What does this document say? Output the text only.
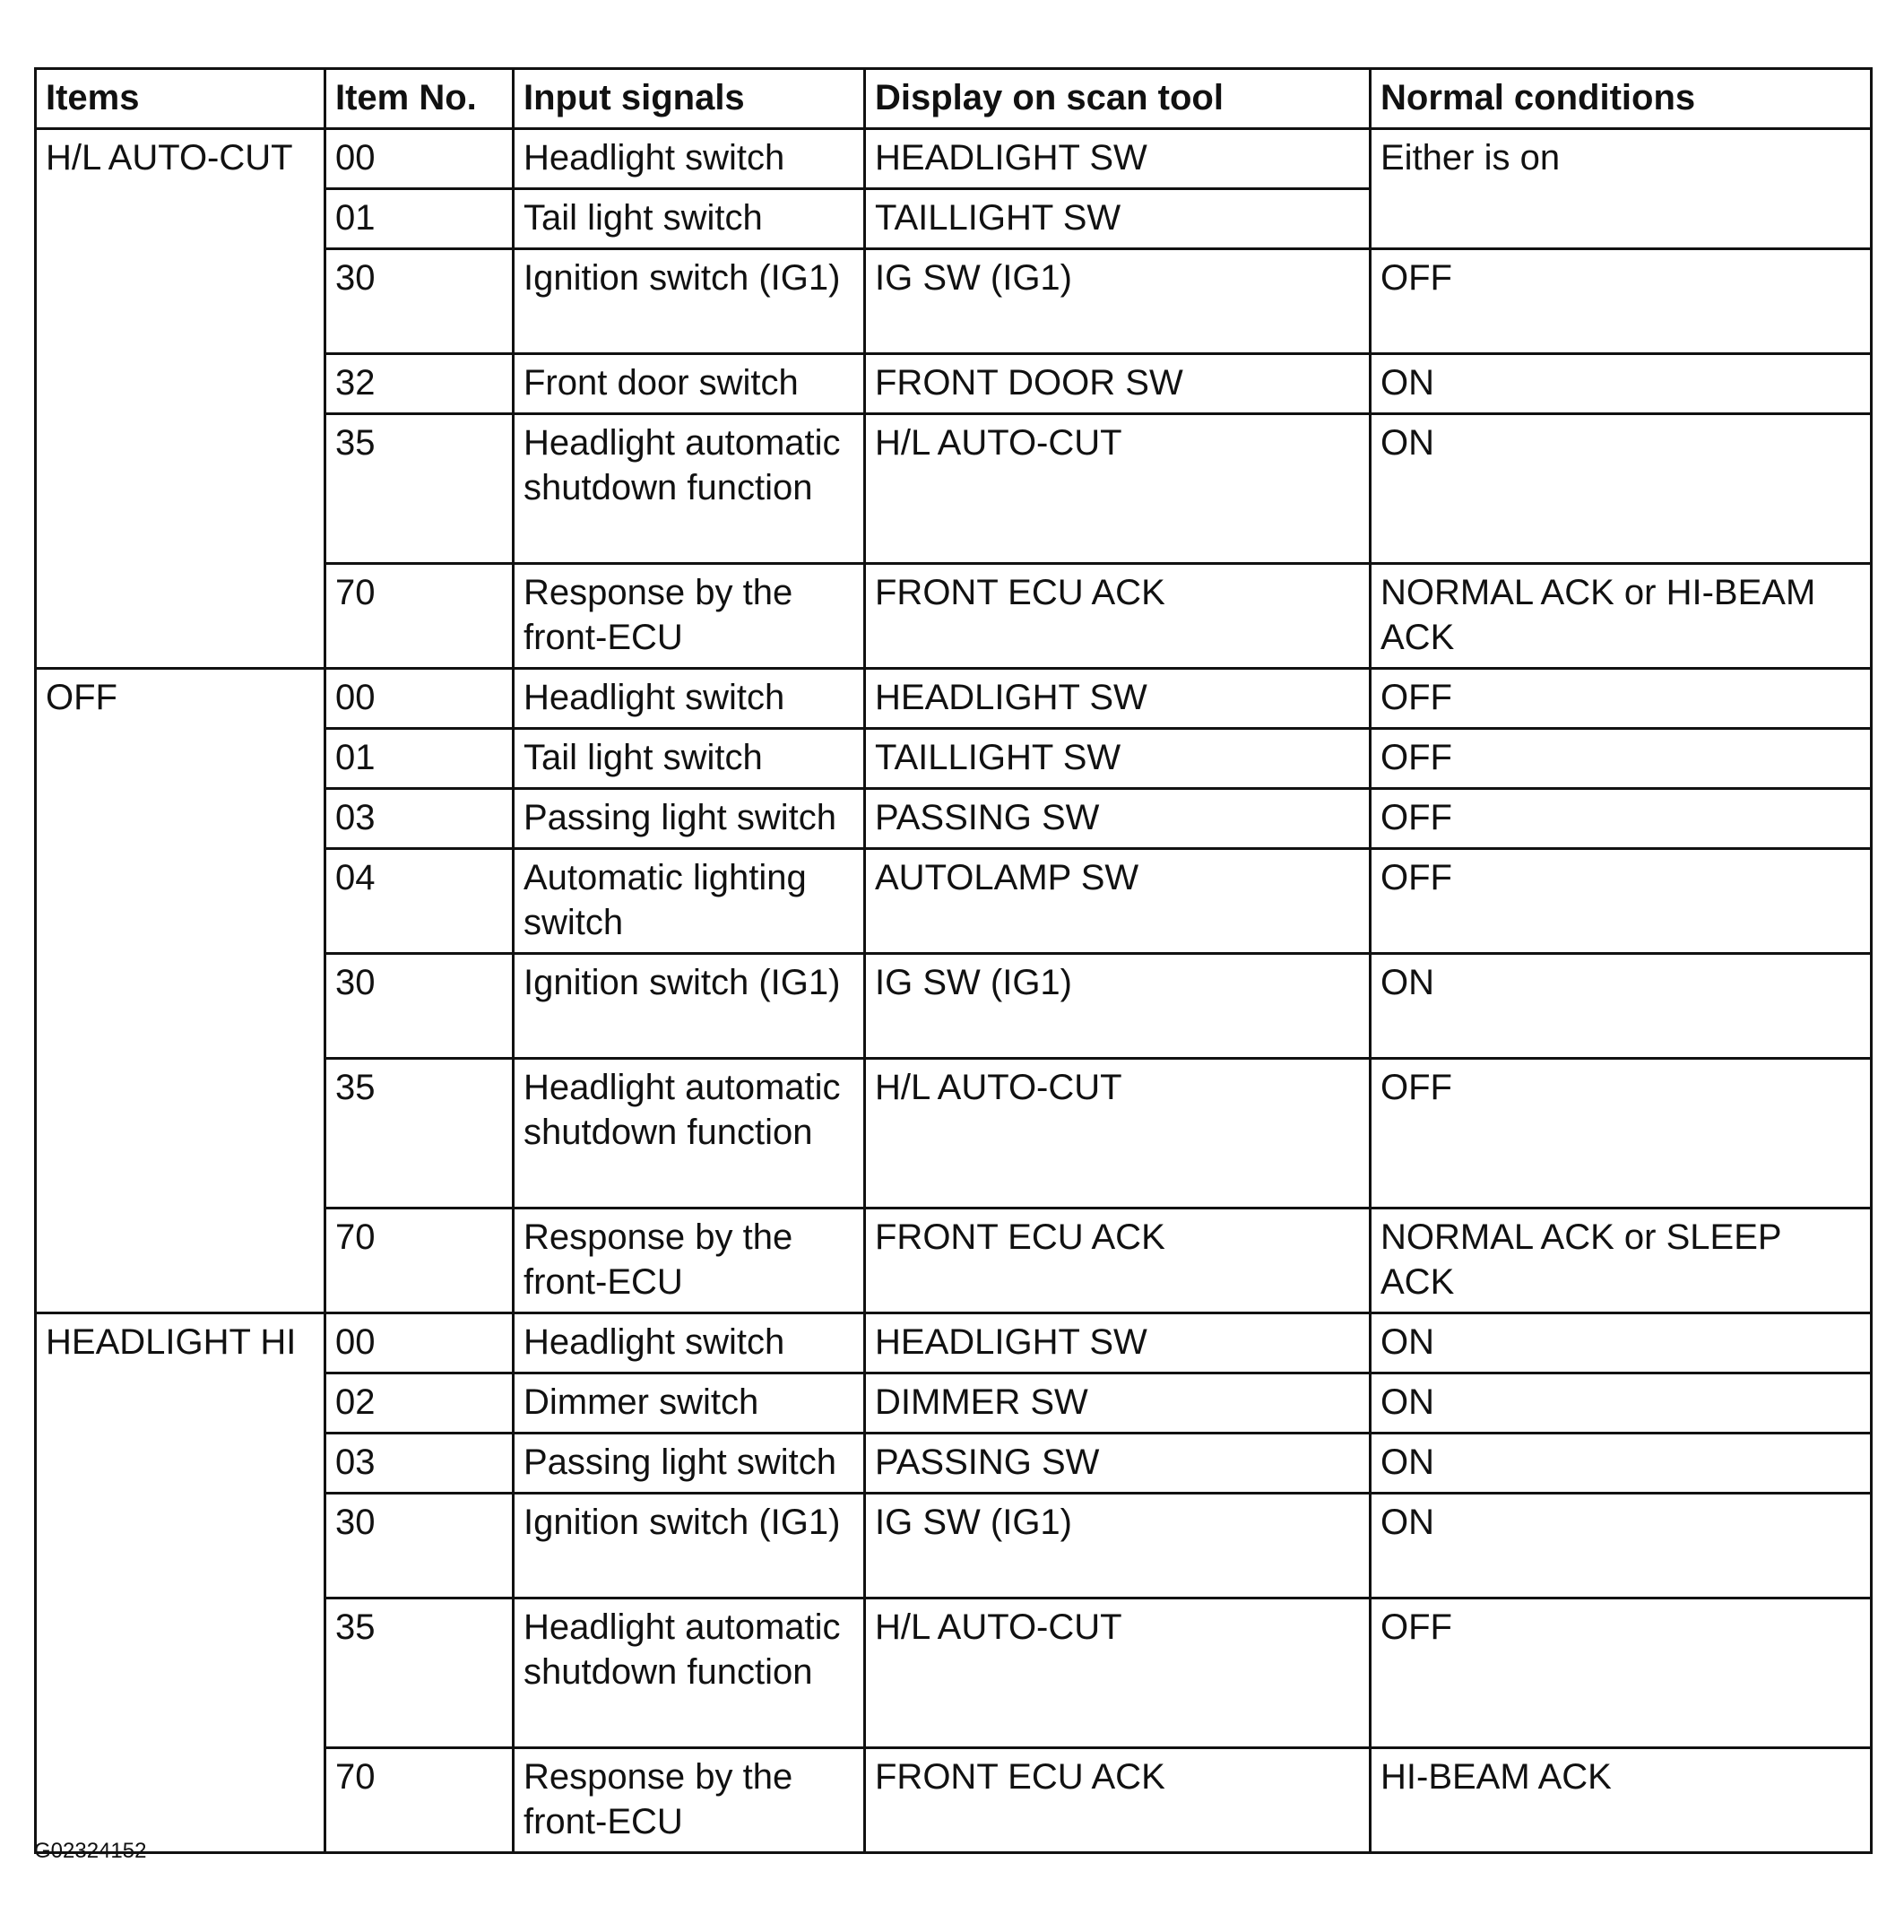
Items	Item No.	Input signals	Display on scan tool	Normal conditions
H/L AUTO-CUT	00	Headlight switch	HEADLIGHT SW	Either is on
	01	Tail light switch	TAILLIGHT SW	
	30	Ignition switch (IG1)	IG SW (IG1)	OFF
	32	Front door switch	FRONT DOOR SW	ON
	35	Headlight automatic shutdown function	H/L AUTO-CUT	ON
	70	Response by the front-ECU	FRONT ECU ACK	NORMAL ACK or HI-BEAM ACK
OFF	00	Headlight switch	HEADLIGHT SW	OFF
	01	Tail light switch	TAILLIGHT SW	OFF
	03	Passing light switch	PASSING SW	OFF
	04	Automatic lighting switch	AUTOLAMP SW	OFF
	30	Ignition switch (IG1)	IG SW (IG1)	ON
	35	Headlight automatic shutdown function	H/L AUTO-CUT	OFF
	70	Response by the front-ECU	FRONT ECU ACK	NORMAL ACK or SLEEP ACK
HEADLIGHT HI	00	Headlight switch	HEADLIGHT SW	ON
	02	Dimmer switch	DIMMER SW	ON
	03	Passing light switch	PASSING SW	ON
	30	Ignition switch (IG1)	IG SW (IG1)	ON
	35	Headlight automatic shutdown function	H/L AUTO-CUT	OFF
	70	Response by the front-ECU	FRONT ECU ACK	HI-BEAM ACK
G02324152
